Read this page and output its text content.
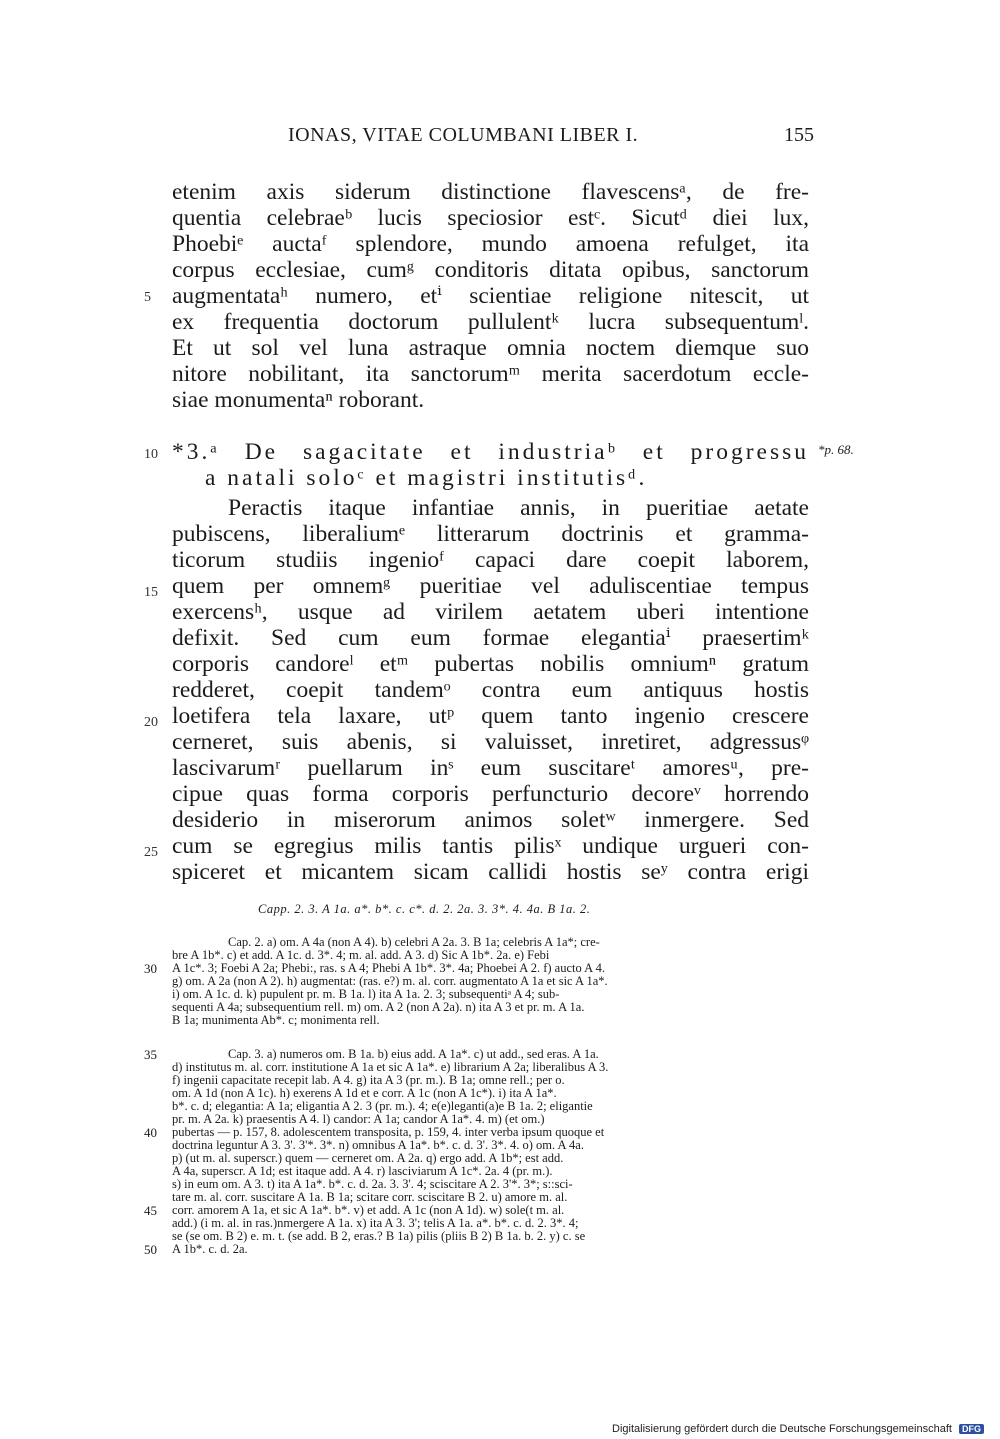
IONAS, VITAE COLUMBANI LIBER I.	155
etenim axis siderum distinctione flavescensᵃ, de fre-
quentia celebraeᵇ lucis speciosior estᶜ. Sicutᵈ diei lux,
Phoebiᵉ auctaᶠ splendore, mundo amoena refulget, ita
corpus ecclesiae, cumᵍ conditoris ditata opibus, sanctorum
augmentataʰ numero, etⁱ scientiae religione nitescit, ut
ex frequentia doctorum pullulentᵏ lucra subsequentumˡ.
Et ut sol vel luna astraque omnia noctem diemque suo
nitore nobilitant, ita sanctorumᵐ merita sacerdotum eccle-
siae monumentaⁿ roborant.
5
10 *3.ᵃ De sagacitate et industriaᵇ et progressu
a natali soloᶜ et magistri institutisᵈ.
*p. 68.
Peractis itaque infantiae annis, in pueritiae aetate
pubiscens, liberaliumᵉ litterarum doctrinis et gramma-
ticorum studiis ingenioᶠ capaci dare coepit laborem,
quem per omnemᵍ pueritiae vel aduliscentiae tempus
exercensʰ, usque ad virilem aetatem uberi intentione
defixit. Sed cum eum formae elegantiaⁱ praesertimᵏ
corporis candoreˡ etᵐ pubertas nobilis omniumⁿ gratum
redderet, coepit tandemᵒ contra eum antiquus hostis
loetifera tela laxare, utᵖ quem tanto ingenio crescere
cerneret, suis abenis, si valuisset, inretiret, adgressusᵠ
lascivarumʳ puellarum inˢ eum suscitareᵗ amoresᵘ, pre-
cipue quas forma corporis perfuncturio decoreᵛ horrendo
desiderio in miserorum animos soletʷ inmergere. Sed
cum se egregius milis tantis pilisˣ undique urgueri con-
spiceret et micantem sicam callidi hostis seʸ contra erigi
15
20
25
Capp. 2. 3. A 1a. a*. b*. c. c*. d. 2. 2a. 3. 3*. 4. 4a. B 1a. 2.
Cap. 2. a) om. A 4a (non A 4). b) celebri A 2a. 3. B 1a; celebris A 1a*; cre-
bre A 1b*. c) et add. A 1c. d. 3*. 4; m. al. add. A 3. d) Sic A 1b*. 2a. e) Febi
A 1c*. 3; Foebi A 2a; Phebi:, ras. s A 4; Phebi A 1b*. 3*. 4a; Phoebei A 2. f) aucto A 4.
g) om. A 2a (non A 2). h) augmentat: (ras. e?) m. al. corr. augmentato A 1a et sic A 1a*.
i) om. A 1c. d. k) pupulent pr. m. B 1a. l) ita A 1a. 2. 3; subsequentiᵃ A 4; sub-
sequenti A 4a; subsequentium rell. m) om. A 2 (non A 2a). n) ita A 3 et pr. m. A 1a.
B 1a; munimenta Ab*. c; monimenta rell.
Cap. 3. a) numeros om. B 1a. b) eius add. A 1a*. c) ut add., sed eras. A 1a.
d) institutus m. al. corr. institutione A 1a et sic A 1a*. e) librarium A 2a; liberalibus A 3.
f) ingenii capacitate recepit lab. A 4. g) ita A 3 (pr. m.). B 1a; omne rell.; per o.
om. A 1d (non A 1c). h) exerens A 1d et e corr. A 1c (non A 1c*). i) ita A 1a*.
b*. c. d; elegantia: A 1a; eligantia A 2. 3 (pr. m.). 4; e(e)leganti(a)e B 1a. 2; eligantie
pr. m. A 2a. k) praesentis A 4. l) candor: A 1a; candor A 1a*. 4. m) (et om.)
pubertas — p. 157, 8. adolescentem transposita, p. 159, 4. inter verba ipsum quoque et
doctrina leguntur A 3. 3'. 3'*. 3*. n) omnibus A 1a*. b*. c. d. 3'. 3*. 4. o) om. A 4a.
p) (ut m. al. superscr.) quem — cerneret om. A 2a. q) ergo add. A 1b*; est add.
A 4a, superscr. A 1d; est itaque add. A 4. r) lasciviarum A 1c*. 2a. 4 (pr. m.).
s) in eum om. A 3. t) ita A 1a*. b*. c. d. 2a. 3. 3'. 4; sciscitare A 2. 3'*. 3*; s::sci-
tare m. al. corr. suscitare A 1a. B 1a; scitare corr. sciscitare B 2. u) amore m. al.
corr. amorem A 1a, et sic A 1a*. b*. v) et add. A 1c (non A 1d). w) sole(t m. al.
add.) (i m. al. in ras.)nmergere A 1a. x) ita A 3. 3'; telis A 1a. a*. b*. c. d. 2. 3*. 4;
se (se om. B 2) e. m. t. (se add. B 2, eras.? B 1a) pilis (pliis B 2) B 1a. b. 2. y) c. se
A 1b*. c. d. 2a.
30
35
40
45
50
Digitalisierung gefördert durch die Deutsche Forschungsgemeinschaft DFG
